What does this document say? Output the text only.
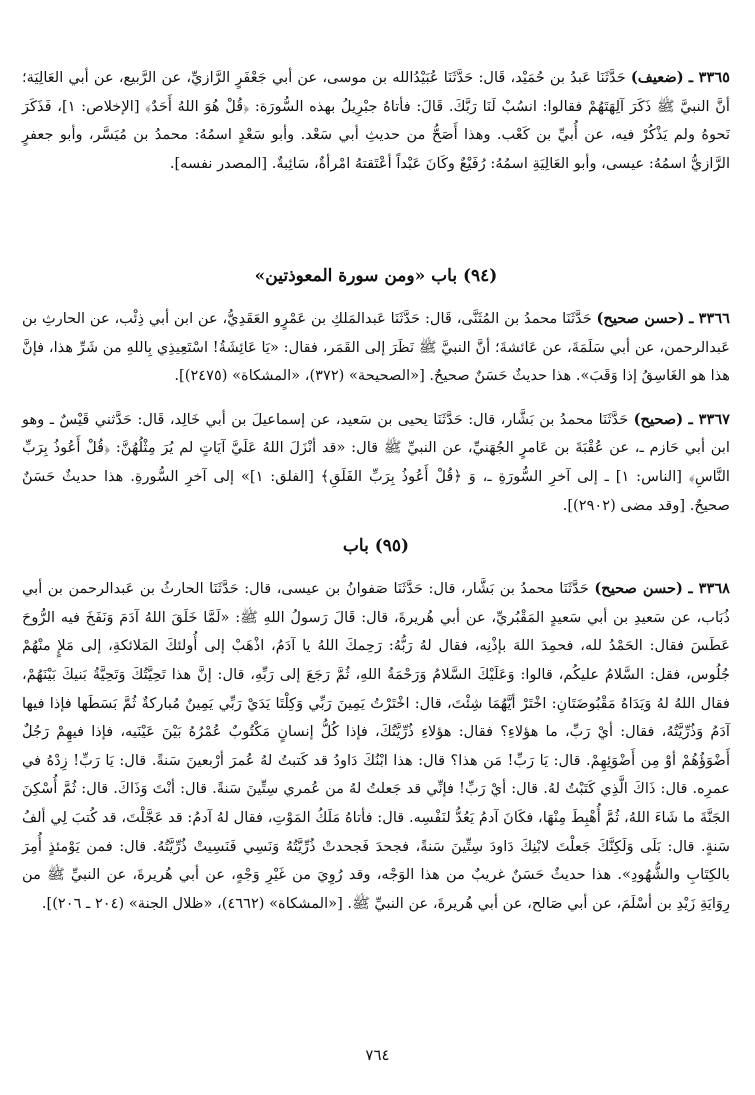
٣٣٦٥ ـ (ضعيف) حَدَّثَنَا عَبدُ بن حُمَيْد، قَال: حَدَّثَنَا عُبَيْدُالله بن موسى، عن أبي جَعْفَرٍ الرَّازيِّ، عن الرَّبيع، عن أبي العَالِيَة؛ أنَّ النبيَّ ﷺ ذَكَرَ آلِهَتَهُمْ فقالوا: انسُبْ لَنَا رَبَّكَ. قَالَ: فأتاهُ جبْرِيلُ بهذه السُّورَة: ﴿قُلْ هُوَ اللهُ أَحَدٌ﴾ [الإخلاص: ١]، فَذَكَرَ نَحوهُ ولم يَذْكُرْ فيه، عن أُبيِّ بن كَعْب. وهذا أَصَحُّ من حديثِ أبي سَعْد. وأبو سَعْدٍ اسمُهُ: محمدُ بن مُيَسَّر، وأبو جعفرٍ الرَّازيُّ اسمُهُ: عيسى، وأبو العَالِيَةِ اسمُهُ: رُفَيْعٌ وكَانَ عَبْداً أعْتَقتهُ امْرأةٌ، سَائِبةٌ. [المصدر نفسه].

(٩٤) باب «ومن سورة المعوذتين»

٣٣٦٦ ـ (حسن صحيح) حَدَّثَنَا محمدُ بن المُثَنَّى، قَال: حَدَّثَنَا عَبدالمَلكِ بن عَمْرٍو العَقَدِيُّ، عن ابن أبي ذِئْب، عن الحارثِ بن عَبدالرحمن، عن أبي سَلَمَةَ، عن عَائشةَ؛ أنَّ النبيَّ ﷺ نَظَرَ إلى القَمَر، فقال: «يَا عَائِشَةُ! اسْتَعِيذِي بِاللهِ من شَرِّ هذا، فإنَّ هذا هو الغَاسِقُ إذا وَقَبَ». هذا حديثٌ حَسَنٌ صحيحٌ. [«الصحيحة» (٣٧٢)، «المشكاة» (٢٤٧٥)].

٣٣٦٧ ـ (صحيح) حَدَّثَنَا محمدُ بن بَشَّار، قال: حَدَّثَنَا يحيى بن سَعيد، عن إسماعيلَ بن أبي خَالِد، قَال: حَدَّثني قَيْسٌ ـ وهو ابن أبي حَازم ـ، عن عُقْبَةَ بن عَامرٍ الجُهَنيِّ، عن النبيِّ ﷺ قال: «قد أنْزَلَ اللهُ عَلَيَّ آيَاتٍ لم يُرَ مِثْلُهُنَّ: ﴿قُلْ أَعُوذُ بِرَبِّ النَّاسِ﴾ [الناس: ١] ـ إلى آخرِ السُّورَةِ ـ، وَ ﴿قُلْ أَعُوذُ بِرَبِّ الفَلَقِ﴾ [الفلق: ١]» إلى آخرِ السُّورةِ. هذا حديثٌ حَسَنٌ صحيحٌ. [وقد مضى (٢٩٠٢)].

(٩٥) باب

٣٣٦٨ ـ (حسن صحيح) حَدَّثَنَا محمدُ بن بَشَّار، قال: حَدَّثَنَا صَفوانُ بن عيسى، قال: حَدَّثَنَا الحارثُ بن عَبدالرحمن بن أبي ذُبَاب، عن سَعيدِ بن أبي سَعيدٍ المَقْبُريِّ، عن أبي هُريرةَ، قال: قَالَ رَسولُ اللهِ ﷺ: «لَمَّا خَلَقَ اللهُ آدَمَ وَنَفَخَ فيه الرُّوحَ عَطَسَ فقال: الحَمْدُ لله، فحمِدَ اللهَ بإذْنِه، فقال لهُ رَبُّهُ: رَحِمكَ اللهُ يا آدَمُ، اذْهَبْ إلى أُولئكَ المَلائكةِ، إلى مَلإٍ منْهُمْ جُلُوس، فقل: السَّلامُ عليكُم، قالوا: وَعَلَيْكَ السَّلامُ وَرَحْمَةُ اللهِ، ثُمَّ رَجَعَ إلى رَبِّهِ، قال: إنَّ هذا تَحِيَّتُكَ وَتَحِيَّةُ بَنيكَ بَيْنَهُمْ، فقال اللهُ لهُ وَيَدَاهُ مَقْبُوضَتَانِ: اخْتَرْ أيَّهُمَا شِئْتَ، قال: اخْتَرْتُ يَمِينَ رَبِّي وَكِلْتَا يَدَيْ رَبِّي يَمِينٌ مُباركةٌ ثُمَّ بَسَطَها فإذا فيها آدَمُ وَذُرِّيَّتُهُ، فقال: أيْ رَبِّ، ما هؤلاءِ؟ فقال: هؤلاءِ ذُرِّيَّتُكَ، فإذا كُلُّ إنسانٍ مَكْتُوبٌ عُمْرُهُ بَيْنَ عَيْنَيه، فإذا فيهِمْ رَجُلٌ أَضْوَؤُهُمْ أوْ مِن أَضْوَئِهِمْ. قال: يَا رَبِّ! مَن هذا؟ قال: هذا ابْنُكَ دَاودُ قد كَتبتُ لهُ عُمرَ أرْبعينَ سَنةً. قال: يَا رَبِّ! زِدْهُ في عمرِه. قال: ذَاكَ الَّذِي كَتَبْتُ لهُ. قال: أيْ رَبِّ! فإنِّي قد جَعلتُ لهُ من عُمري سِتِّينَ سَنةً. قال: أنْتَ وَذَاكَ. قال: ثُمَّ أُسْكِنَ الجَنَّةَ ما شَاءَ اللهُ، ثُمَّ أُهْبِطَ مِنْهَا، فكَانَ آدمُ يَعُدُّ لنَفْسِه. قال: فأتاهُ مَلَكُ المَوْتِ، فقال لهُ آدمُ: قد عَجَّلْتَ، قد كُتبَ لِي ألفُ سَنةٍ. قال: بَلَى وَلَكِنَّكَ جَعلْتَ لابْنِكَ دَاودَ سِتِّينَ سَنةً، فجحدَ فَجحدتْ ذُرِّيَّتُهُ وَنَسِي فَنَسِيتْ ذُرِّيَّتُهُ. قال: فمن يَوْمئذٍ أُمِرَ بالكِتَابِ والشُّهُودِ». هذا حديثٌ حَسَنٌ غريبٌ من هذا الوَجْه، وقد رُوِيَ من غَيْرِ وَجْهٍ، عن أبي هُريرةَ، عن النبيِّ ﷺ من رِوَايَةِ زَيْدِ بن أسْلَمَ، عن أبي صَالح، عن أبي هُريرةَ، عن النبيِّ ﷺ. [«المشكاة» (٤٦٦٢)، «ظلال الجنة» (٢٠٤ ـ ٢٠٦)].

٧٦٤
